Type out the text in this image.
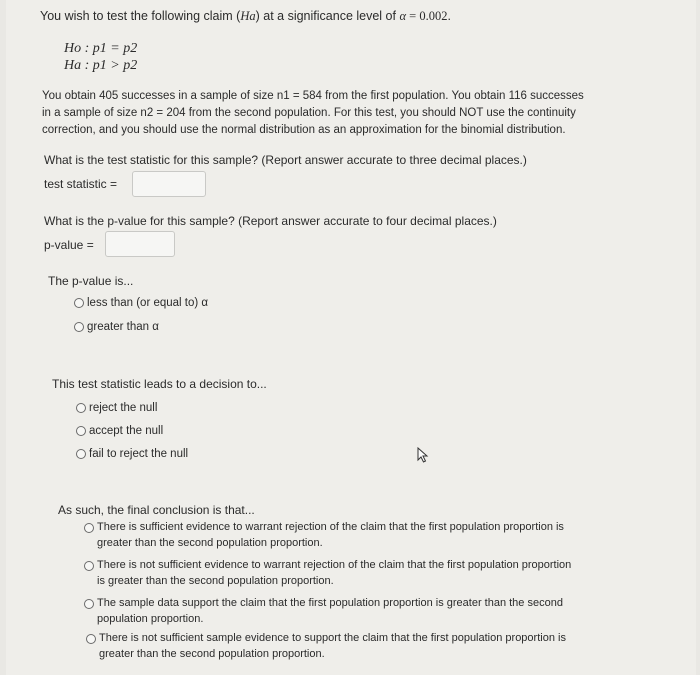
You wish to test the following claim (Ha) at a significance level of α = 0.002.
Ho : p1 = p2
Ha : p1 > p2
You obtain 405 successes in a sample of size n1 = 584 from the first population. You obtain 116 successes
in a sample of size n2 = 204 from the second population. For this test, you should NOT use the continuity
correction, and you should use the normal distribution as an approximation for the binomial distribution.
What is the test statistic for this sample? (Report answer accurate to three decimal places.)
test statistic =
What is the p-value for this sample? (Report answer accurate to four decimal places.)
p-value =
The p-value is...
less than (or equal to) α
greater than α
This test statistic leads to a decision to...
reject the null
accept the null
fail to reject the null
As such, the final conclusion is that...
There is sufficient evidence to warrant rejection of the claim that the first population proportion is
greater than the second population proportion.
There is not sufficient evidence to warrant rejection of the claim that the first population proportion
is greater than the second population proportion.
The sample data support the claim that the first population proportion is greater than the second
population proportion.
There is not sufficient sample evidence to support the claim that the first population proportion is
greater than the second population proportion.
